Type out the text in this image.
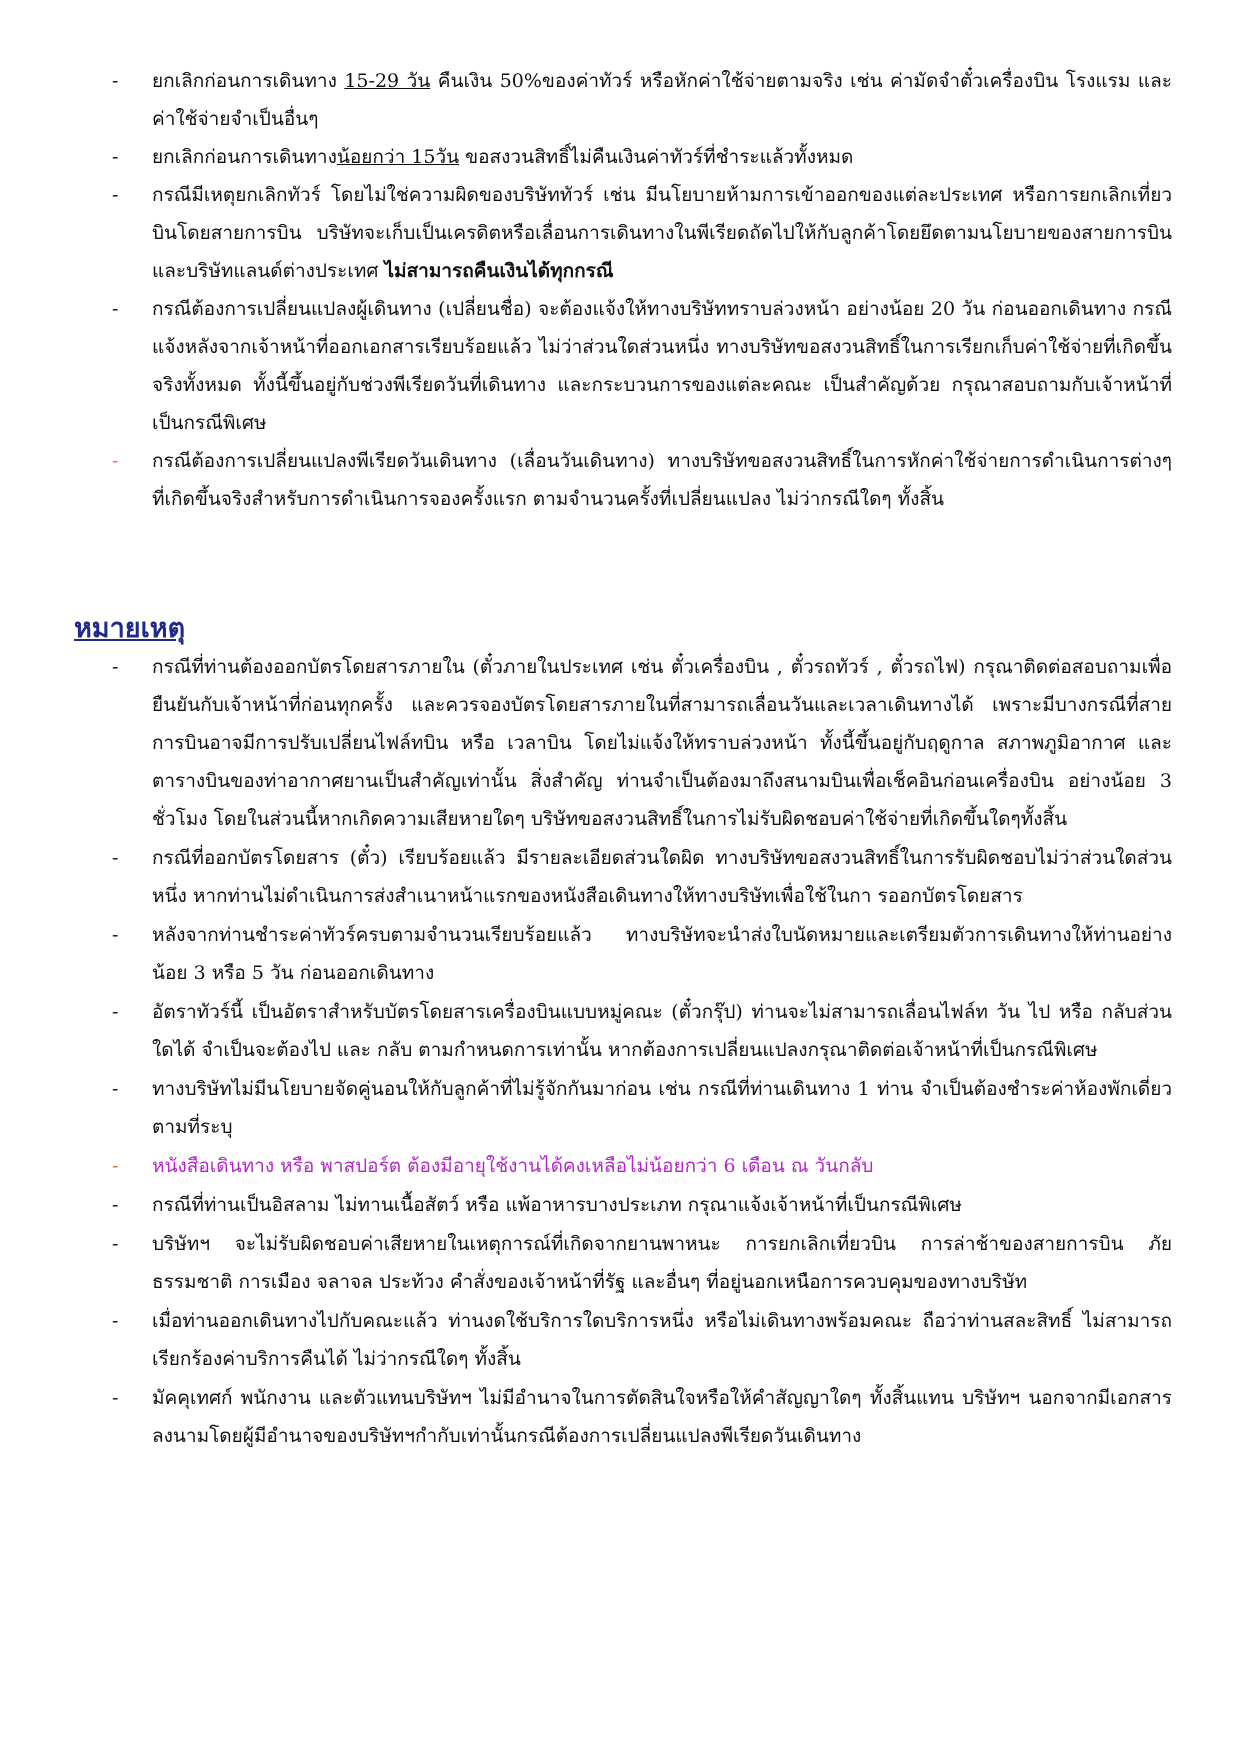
-	ยกเลิกก่อนการเดินทาง 15-29 วัน คืนเงิน 50%ของค่าทัวร์ หรือหักค่าใช้จ่ายตามจริง เช่น ค่ามัดจำตั๋วเครื่องบิน โรงแรม และค่าใช้จ่ายจำเป็นอื่นๆ
-	ยกเลิกก่อนการเดินทางน้อยกว่า 15วัน ขอสงวนสิทธิ์ไม่คืนเงินค่าทัวร์ที่ชำระแล้วทั้งหมด
-	กรณีมีเหตุยกเลิกทัวร์ โดยไม่ใช่ความผิดของบริษัททัวร์ เช่น มีนโยบายห้ามการเข้าออกของแต่ละประเทศ หรือการยกเลิกเที่ยวบินโดยสายการบิน บริษัทจะเก็บเป็นเครดิตหรือเลื่อนการเดินทางในพีเรียดถัดไปให้กับลูกค้าโดยยึดตามนโยบายของสายการบินและบริษัทแลนด์ต่างประเทศ ไม่สามารถคืนเงินได้ทุกกรณี
-	กรณีต้องการเปลี่ยนแปลงผู้เดินทาง (เปลี่ยนชื่อ) จะต้องแจ้งให้ทางบริษัททราบล่วงหน้า อย่างน้อย 20 วัน ก่อนออกเดินทาง กรณีแจ้งหลังจากเจ้าหน้าที่ออกเอกสารเรียบร้อยแล้ว ไม่ว่าส่วนใดส่วนหนึ่ง ทางบริษัทขอสงวนสิทธิ์ในการเรียกเก็บค่าใช้จ่ายที่เกิดขึ้นจริงทั้งหมด ทั้งนี้ขึ้นอยู่กับช่วงพีเรียดวันที่เดินทาง และกระบวนการของแต่ละคณะ เป็นสำคัญด้วย กรุณาสอบถามกับเจ้าหน้าที่เป็นกรณีพิเศษ
-	กรณีต้องการเปลี่ยนแปลงพีเรียดวันเดินทาง (เลื่อนวันเดินทาง) ทางบริษัทขอสงวนสิทธิ์ในการหักค่าใช้จ่ายการดำเนินการต่างๆ ที่เกิดขึ้นจริงสำหรับการดำเนินการจองครั้งแรก ตามจำนวนครั้งที่เปลี่ยนแปลง ไม่ว่ากรณีใดๆ ทั้งสิ้น
หมายเหตุ
-	กรณีที่ท่านต้องออกบัตรโดยสารภายใน (ตั๋วภายในประเทศ เช่น ตั๋วเครื่องบิน , ตั๋วรถทัวร์ , ตั๋วรถไฟ) กรุณาติดต่อสอบถามเพื่อยืนยันกับเจ้าหน้าที่ก่อนทุกครั้ง และควรจองบัตรโดยสารภายในที่สามารถเลื่อนวันและเวลาเดินทางได้ เพราะมีบางกรณีที่สายการบินอาจมีการปรับเปลี่ยนไฟล์ทบิน หรือ เวลาบิน โดยไม่แจ้งให้ทราบล่วงหน้า ทั้งนี้ขึ้นอยู่กับฤดูกาล สภาพภูมิอากาศ และ ตารางบินของท่าอากาศยานเป็นสำคัญเท่านั้น สิ่งสำคัญ ท่านจำเป็นต้องมาถึงสนามบินเพื่อเช็คอินก่อนเครื่องบิน อย่างน้อย 3 ชั่วโมง โดยในส่วนนี้หากเกิดความเสียหายใดๆ บริษัทขอสงวนสิทธิ์ในการไม่รับผิดชอบค่าใช้จ่ายที่เกิดขึ้นใดๆทั้งสิ้น
-	กรณีที่ออกบัตรโดยสาร (ตั๋ว) เรียบร้อยแล้ว มีรายละเอียดส่วนใดผิด ทางบริษัทขอสงวนสิทธิ์ในการรับผิดชอบไม่ว่าส่วนใดส่วนหนึ่ง หากท่านไม่ดำเนินการส่งสำเนาหน้าแรกของหนังสือเดินทางให้ทางบริษัทเพื่อใช้ในกา รออกบัตรโดยสาร
-	หลังจากท่านชำระค่าทัวร์ครบตามจำนวนเรียบร้อยแล้ว ทางบริษัทจะนำส่งใบนัดหมายและเตรียมตัวการเดินทางให้ท่านอย่างน้อย 3 หรือ 5 วัน ก่อนออกเดินทาง
-	อัตราทัวร์นี้ เป็นอัตราสำหรับบัตรโดยสารเครื่องบินแบบหมู่คณะ (ตั๋วกรุ๊ป) ท่านจะไม่สามารถเลื่อนไฟล์ท วัน ไป หรือ กลับส่วนใดได้ จำเป็นจะต้องไป และ กลับ ตามกำหนดการเท่านั้น หากต้องการเปลี่ยนแปลงกรุณาติดต่อเจ้าหน้าที่เป็นกรณีพิเศษ
-	ทางบริษัทไม่มีนโยบายจัดคู่นอนให้กับลูกค้าที่ไม่รู้จักกันมาก่อน เช่น กรณีที่ท่านเดินทาง 1 ท่าน จำเป็นต้องชำระค่าห้องพักเดี่ยวตามที่ระบุ
-	หนังสือเดินทาง หรือ พาสปอร์ต ต้องมีอายุใช้งานได้คงเหลือไม่น้อยกว่า 6 เดือน ณ วันกลับ
-	กรณีที่ท่านเป็นอิสลาม ไม่ทานเนื้อสัตว์ หรือ แพ้อาหารบางประเภท กรุณาแจ้งเจ้าหน้าที่เป็นกรณีพิเศษ
-	บริษัทฯ จะไม่รับผิดชอบค่าเสียหายในเหตุการณ์ที่เกิดจากยานพาหนะ การยกเลิกเที่ยวบิน การล่าช้าของสายการบิน ภัยธรรมชาติ การเมือง จลาจล ประท้วง คำสั่งของเจ้าหน้าที่รัฐ และอื่นๆ ที่อยู่นอกเหนือการควบคุมของทางบริษัท
-	เมื่อท่านออกเดินทางไปกับคณะแล้ว ท่านงดใช้บริการใดบริการหนึ่ง หรือไม่เดินทางพร้อมคณะ ถือว่าท่านสละสิทธิ์ ไม่สามารถเรียกร้องค่าบริการคืนได้ ไม่ว่ากรณีใดๆ ทั้งสิ้น
-	มัคคุเทศก์ พนักงาน และตัวแทนบริษัทฯ ไม่มีอำนาจในการตัดสินใจหรือให้คำสัญญาใดๆ ทั้งสิ้นแทน บริษัทฯ นอกจากมีเอกสารลงนามโดยผู้มีอำนาจของบริษัทฯกำกับเท่านั้นกรณีต้องการเปลี่ยนแปลงพีเรียดวันเดินทาง
